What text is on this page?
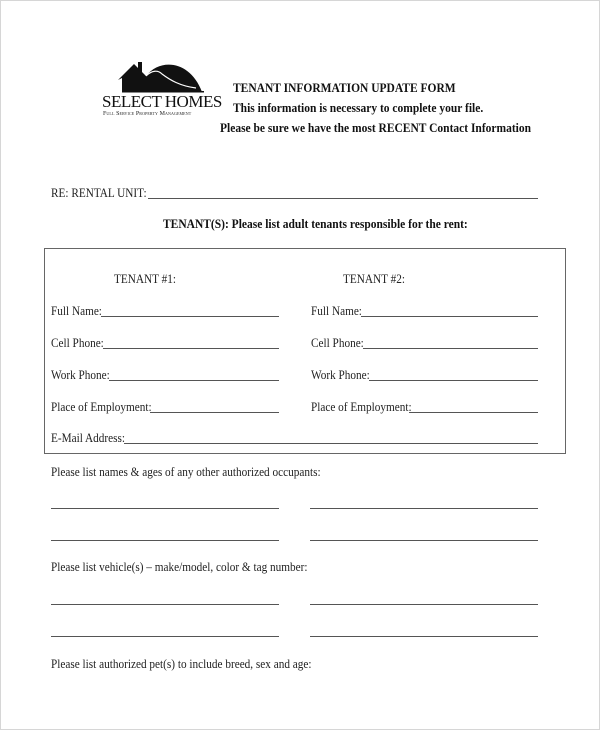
SELECT HOMES
Full Service Property Management
TENANT INFORMATION UPDATE FORM
This information is necessary to complete your file.
Please be sure we have the most RECENT Contact Information
RE: RENTAL UNIT:
TENANT(S): Please list adult tenants responsible for the rent:
TENANT #1:	TENANT #2:
Full Name:
Cell Phone:
Work Phone:
Place of Employment:
Full Name:
Cell Phone:
Work Phone:
Place of Employment:
E-Mail Address:
Please list names & ages of any other authorized occupants:
Please list vehicle(s) – make/model, color & tag number:
Please list authorized pet(s) to include breed, sex and age:
